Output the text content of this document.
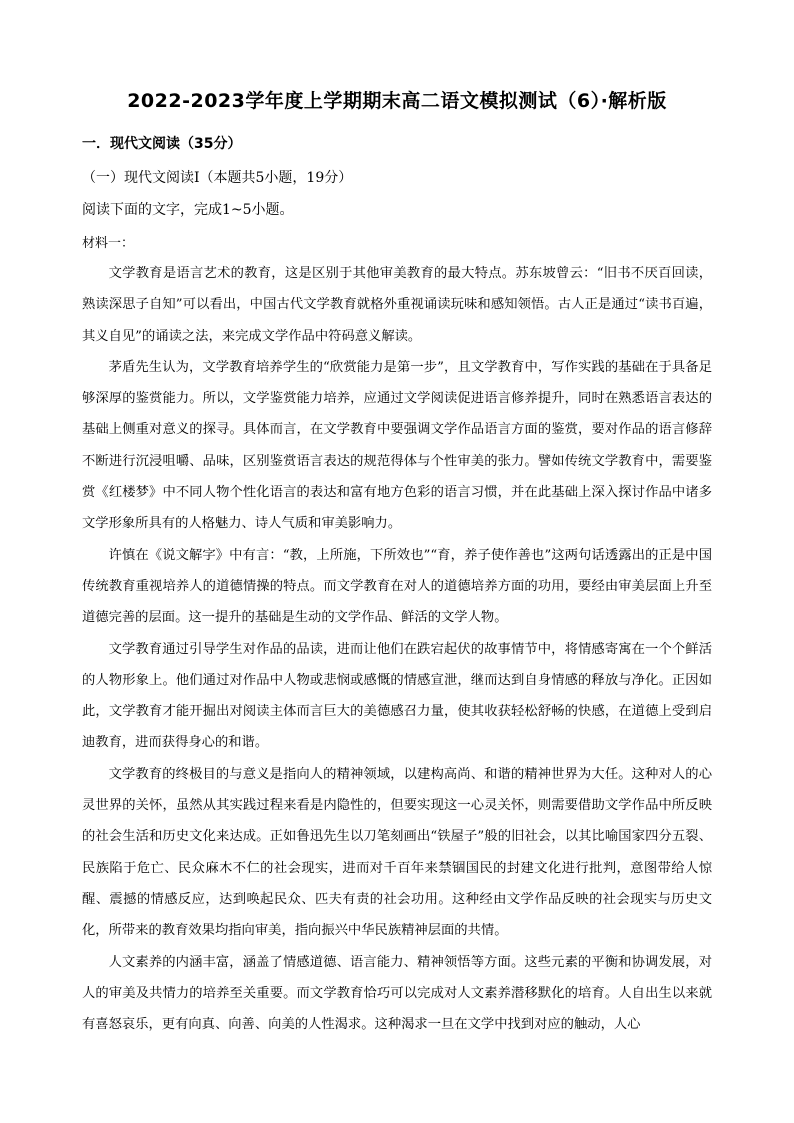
2022-2023学年度上学期期末高二语文模拟测试（6）·解析版
一．现代文阅读（35分）
（一）现代文阅读I（本题共5小题，19分）
阅读下面的文字，完成1~5小题。
材料一：

文学教育是语言艺术的教育，这是区别于其他审美教育的最大特点。苏东坡曾云：“旧书不厌百回读，熟读深思子自知”可以看出，中国古代文学教育就格外重视诵读玩味和感知领悟。古人正是通过“读书百遍，其义自见”的诵读之法，来完成文学作品中符码意义解读。

茅盾先生认为，文学教育培养学生的“欣赏能力是第一步”，且文学教育中，写作实践的基础在于具备足够深厚的鉴赏能力。所以，文学鉴赏能力培养，应通过文学阅读促进语言修养提升，同时在熟悉语言表达的基础上侧重对意义的探寻。具体而言，在文学教育中要强调文学作品语言方面的鉴赏，要对作品的语言修辞不断进行沉浸咀嚼、品味，区别鉴赏语言表达的规范得体与个性审美的张力。譬如传统文学教育中，需要鉴赏《红楼梦》中不同人物个性化语言的表达和富有地方色彩的语言习惯，并在此基础上深入探讨作品中诸多文学形象所具有的人格魅力、诗人气质和审美影响力。

许慎在《说文解字》中有言：“教，上所施，下所效也”“育，养子使作善也”这两句话透露出的正是中国传统教育重视培养人的道德情操的特点。而文学教育在对人的道德培养方面的功用，要经由审美层面上升至道德完善的层面。这一提升的基础是生动的文学作品、鲜活的文学人物。

文学教育通过引导学生对作品的品读，进而让他们在跌宕起伏的故事情节中，将情感寄寓在一个个鲜活的人物形象上。他们通过对作品中人物或悲悯或感慨的情感宣泄，继而达到自身情感的释放与净化。正因如此，文学教育才能开掘出对阅读主体而言巨大的美德感召力量，使其收获轻松舒畅的快感，在道德上受到启迪教育，进而获得身心的和谐。

文学教育的终极目的与意义是指向人的精神领域，以建构高尚、和谐的精神世界为大任。这种对人的心灵世界的关怀，虽然从其实践过程来看是内隐性的，但要实现这一心灵关怀，则需要借助文学作品中所反映的社会生活和历史文化来达成。正如鲁迅先生以刀笔刻画出“铁屋子”般的旧社会，以其比喻国家四分五裂、民族陷于危亡、民众麻木不仁的社会现实，进而对千百年来禁锢国民的封建文化进行批判，意图带给人惊醒、震撼的情感反应，达到唤起民众、匹夫有责的社会功用。这种经由文学作品反映的社会现实与历史文化，所带来的教育效果均指向审美，指向振兴中华民族精神层面的共情。

人文素养的内涵丰富，涵盖了情感道德、语言能力、精神领悟等方面。这些元素的平衡和协调发展，对人的审美及共情力的培养至关重要。而文学教育恰巧可以完成对人文素养潜移默化的培育。人自出生以来就有喜怒哀乐，更有向真、向善、向美的人性渴求。这种渴求一旦在文学中找到对应的触动，人心
